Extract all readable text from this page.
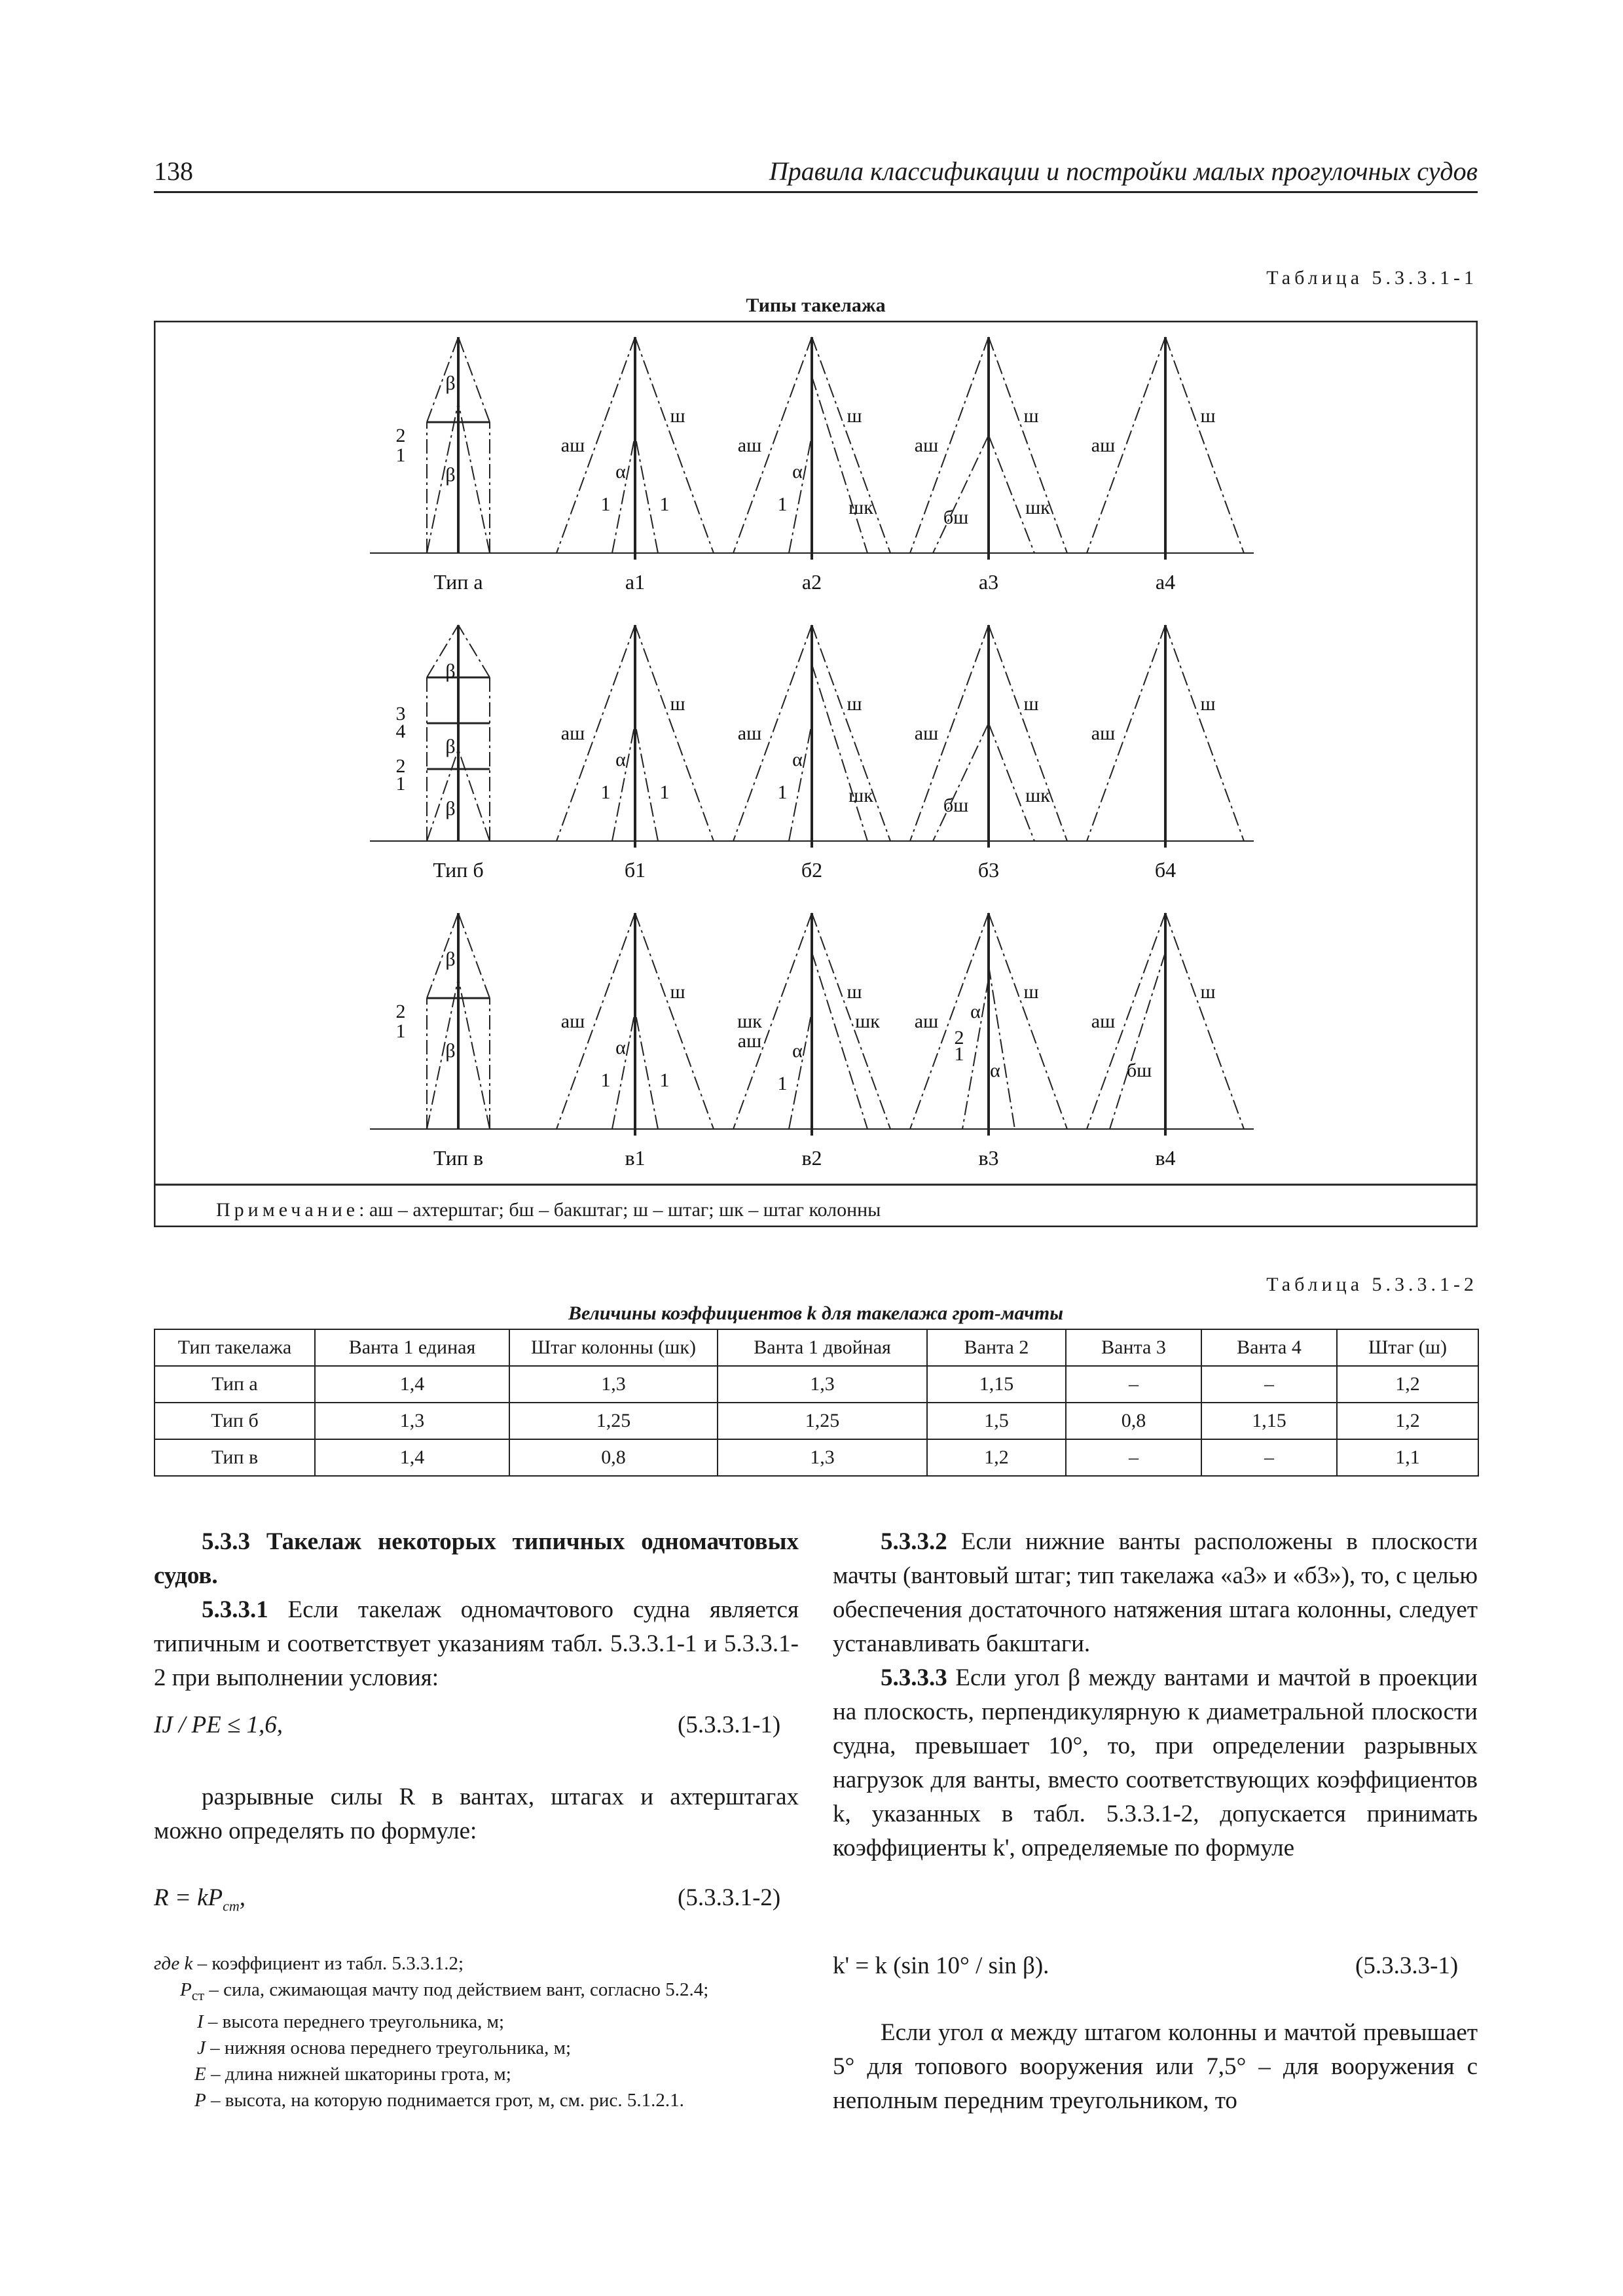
138	Правила классификации и постройки малых прогулочных судов
Таблица 5.3.3.1-1
Типы такелажа
β
2
1
β
Тип а
ш
аш
α
1	1
а1
ш
аш
α
1	шк
а2
ш
аш
бш	шк
а3
ш
аш
а4
β
3
4
β
2
1
β
Тип б
ш
аш
α
1	1
б1
ш
аш
α
1	шк
б2
ш
аш
бш	шк
б3
ш
аш
б4
β
2
1
β
Тип в
ш
аш
α
1	1
в1
ш
шк	шк
аш α
1
в2
ш
аш α
2
1
α
в3
ш
аш
бш
в4
Примечание: аш – ахтерштаг; бш – бакштаг; ш – штаг; шк – штаг колонны
Таблица 5.3.3.1-2
Величины коэффициентов k для такелажа грот-мачты
Тип такелажа	Ванта 1 единая	Штаг колонны (шк)	Ванта 1 двойная	Ванта 2	Ванта 3	Ванта 4	Штаг (ш)
Тип а	1,4	1,3	1,3	1,15	–	–	1,2
Тип б	1,3	1,25	1,25	1,5	0,8	1,15	1,2
Тип в	1,4	0,8	1,3	1,2	–	–	1,1

5.3.3 Такелаж некоторых типичных одномачтовых судов.

5.3.3.1 Если такелаж одномачтового судна является типичным и соответствует указаниям табл. 5.3.3.1-1 и 5.3.3.1-2 при выполнении условия:

IJ / PE ≤ 1,6,	(5.3.3.1-1)

разрывные силы R в вантах, штагах и ахтерштагах можно определять по формуле:

$R = kP_{ст}$,	(5.3.3.1-2)
где k – коэффициент из табл. 5.3.3.1.2;
$P_{ст}$ – сила, сжимающая мачту под действием вант, согласно 5.2.4;
I – высота переднего треугольника, м;
J – нижняя основа переднего треугольника, м;
E – длина нижней шкаторины грота, м;
P – высота, на которую поднимается грот, м, см. рис. 5.1.2.1.

5.3.3.2 Если нижние ванты расположены в плоскости мачты (вантовый штаг; тип такелажа «а3» и «б3»), то, с целью обеспечения достаточного натяжения штага колонны, следует устанавливать бакштаги.

5.3.3.3 Если угол β между вантами и мачтой в проекции на плоскость, перпендикулярную к диаметральной плоскости судна, превышает 10°, то, при определении разрывных нагрузок для ванты, вместо соответствующих коэффициентов k, указанных в табл. 5.3.3.1-2, допускается принимать коэффициенты k', определяемые по формуле

k' = k (sin 10° / sin β).	(5.3.3.3-1)

Если угол α между штагом колонны и мачтой превышает 5° для топового вооружения или 7,5° – для вооружения с неполным передним треугольником, то
